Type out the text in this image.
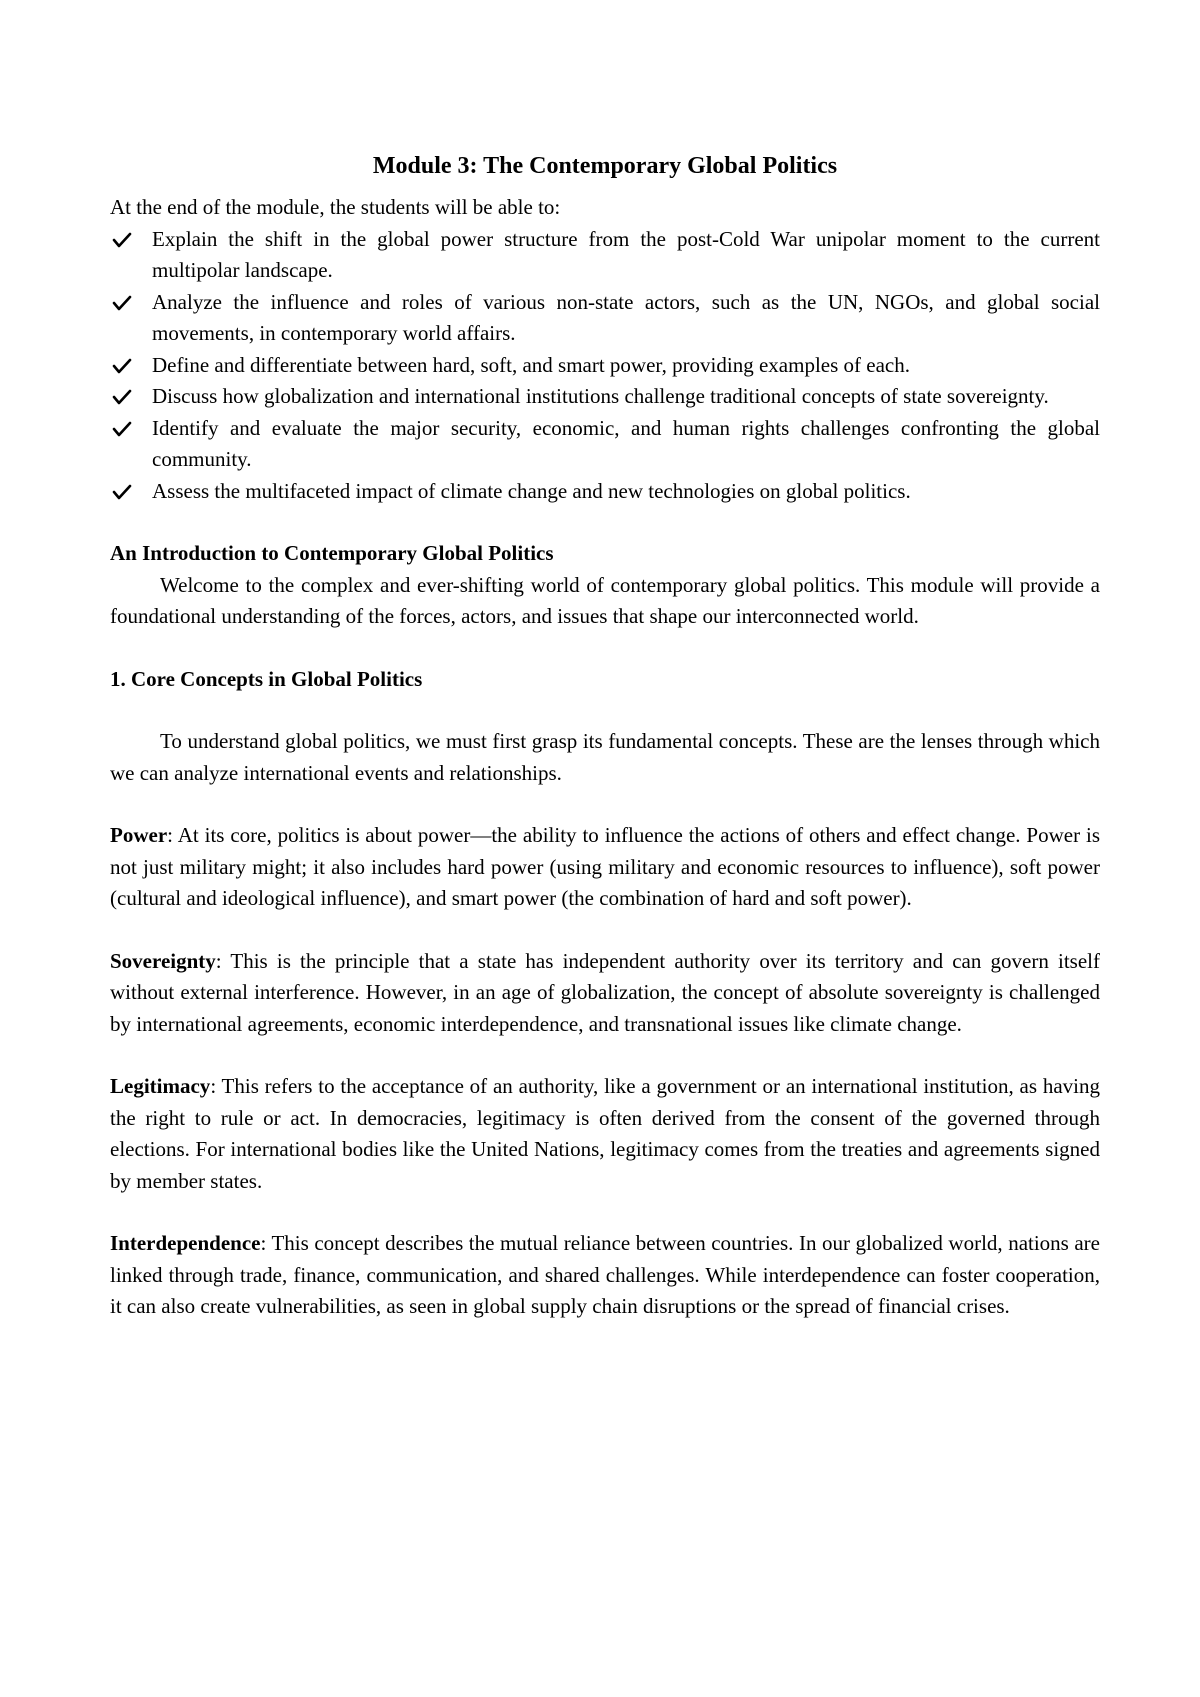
Module 3: The Contemporary Global Politics

At the end of the module, the students will be able to:

Explain the shift in the global power structure from the post-Cold War unipolar moment to the current multipolar landscape.
Analyze the influence and roles of various non-state actors, such as the UN, NGOs, and global social movements, in contemporary world affairs.
Define and differentiate between hard, soft, and smart power, providing examples of each.
Discuss how globalization and international institutions challenge traditional concepts of state sovereignty.
Identify and evaluate the major security, economic, and human rights challenges confronting the global community.
Assess the multifaceted impact of climate change and new technologies on global politics.

An Introduction to Contemporary Global Politics

Welcome to the complex and ever-shifting world of contemporary global politics. This module will provide a foundational understanding of the forces, actors, and issues that shape our interconnected world.

1. Core Concepts in Global Politics

To understand global politics, we must first grasp its fundamental concepts. These are the lenses through which we can analyze international events and relationships.

Power: At its core, politics is about power—the ability to influence the actions of others and effect change. Power is not just military might; it also includes hard power (using military and economic resources to influence), soft power (cultural and ideological influence), and smart power (the combination of hard and soft power).

Sovereignty: This is the principle that a state has independent authority over its territory and can govern itself without external interference. However, in an age of globalization, the concept of absolute sovereignty is challenged by international agreements, economic interdependence, and transnational issues like climate change.

Legitimacy: This refers to the acceptance of an authority, like a government or an international institution, as having the right to rule or act. In democracies, legitimacy is often derived from the consent of the governed through elections. For international bodies like the United Nations, legitimacy comes from the treaties and agreements signed by member states.

Interdependence: This concept describes the mutual reliance between countries. In our globalized world, nations are linked through trade, finance, communication, and shared challenges. While interdependence can foster cooperation, it can also create vulnerabilities, as seen in global supply chain disruptions or the spread of financial crises.
